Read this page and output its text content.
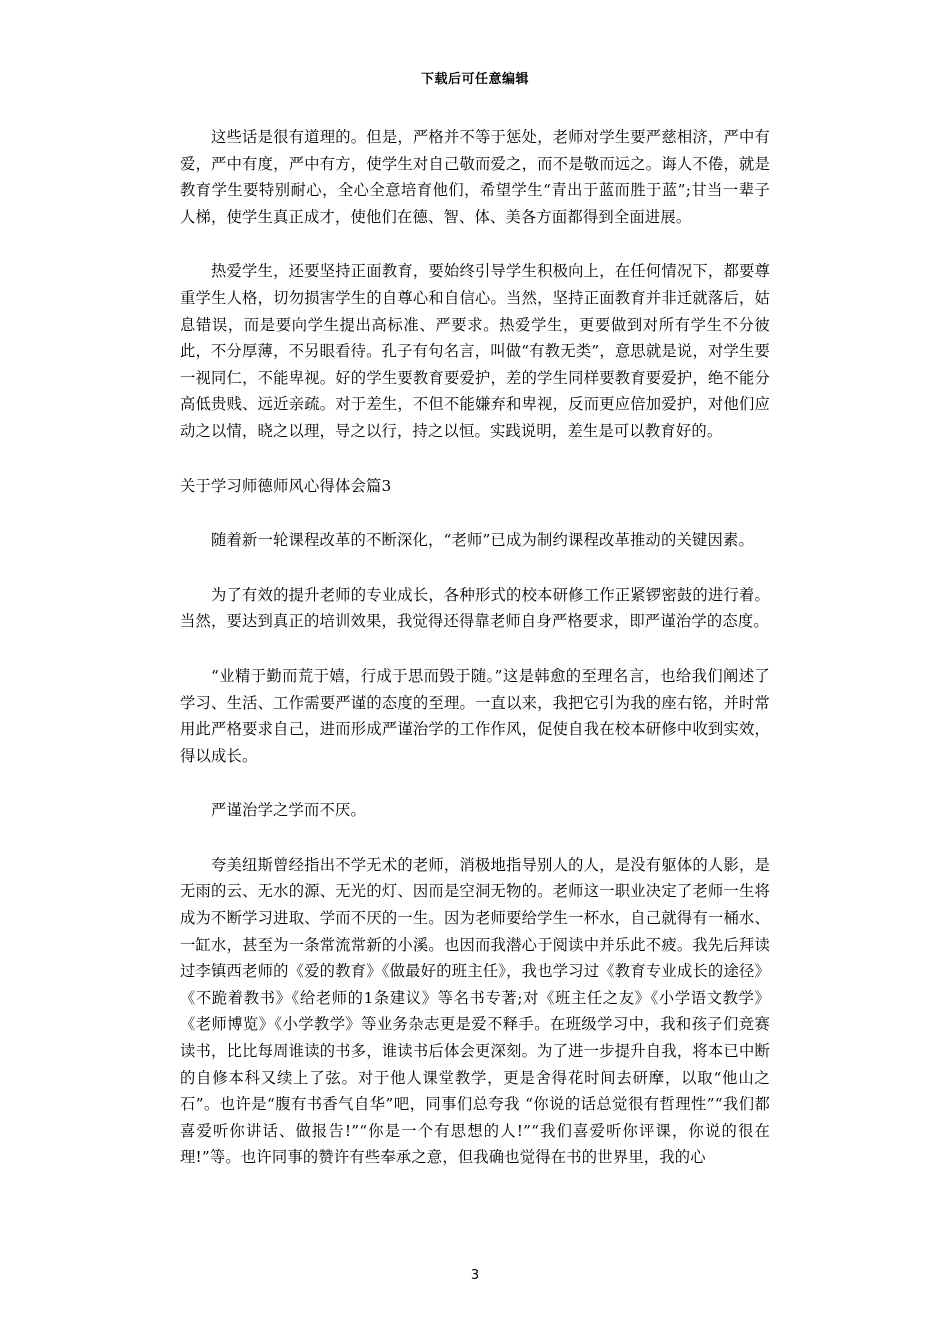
下载后可任意编辑

这些话是很有道理的。但是，严格并不等于惩处，老师对学生要严慈相济，严中有爱，严中有度，严中有方，使学生对自己敬而爱之，而不是敬而远之。诲人不倦，就是教育学生要特别耐心，全心全意培育他们，希望学生“青出于蓝而胜于蓝”;甘当一辈子人梯，使学生真正成才，使他们在德、智、体、美各方面都得到全面进展。

热爱学生，还要坚持正面教育，要始终引导学生积极向上，在任何情况下，都要尊重学生人格，切勿损害学生的自尊心和自信心。当然，坚持正面教育并非迁就落后，姑息错误，而是要向学生提出高标准、严要求。热爱学生，更要做到对所有学生不分彼此，不分厚薄，不另眼看待。孔子有句名言，叫做“有教无类”，意思就是说，对学生要一视同仁，不能卑视。好的学生要教育要爱护，差的学生同样要教育要爱护，绝不能分高低贵贱、远近亲疏。对于差生，不但不能嫌弃和卑视，反而更应倍加爱护，对他们应动之以情，晓之以理，导之以行，持之以恒。实践说明，差生是可以教育好的。

关于学习师德师风心得体会篇3

随着新一轮课程改革的不断深化，“老师”已成为制约课程改革推动的关键因素。

为了有效的提升老师的专业成长，各种形式的校本研修工作正紧锣密鼓的进行着。当然，要达到真正的培训效果，我觉得还得靠老师自身严格要求，即严谨治学的态度。

“业精于勤而荒于嬉，行成于思而毁于随。”这是韩愈的至理名言，也给我们阐述了学习、生活、工作需要严谨的态度的至理。一直以来，我把它引为我的座右铭，并时常用此严格要求自己，进而形成严谨治学的工作作风，促使自我在校本研修中收到实效，得以成长。

严谨治学之学而不厌。

夸美纽斯曾经指出不学无术的老师，消极地指导别人的人，是没有躯体的人影，是无雨的云、无水的源、无光的灯、因而是空洞无物的。老师这一职业决定了老师一生将成为不断学习进取、学而不厌的一生。因为老师要给学生一杯水，自己就得有一桶水、一缸水，甚至为一条常流常新的小溪。也因而我潜心于阅读中并乐此不疲。我先后拜读过李镇西老师的《爱的教育》《做最好的班主任》，我也学习过《教育专业成长的途径》《不跪着教书》《给老师的1条建议》等名书专著;对《班主任之友》《小学语文教学》《老师博览》《小学教学》等业务杂志更是爱不释手。在班级学习中，我和孩子们竞赛读书，比比每周谁读的书多，谁读书后体会更深刻。为了进一步提升自我，将本已中断的自修本科又续上了弦。对于他人课堂教学，更是舍得花时间去研摩，以取“他山之石”。也许是“腹有书香气自华”吧，同事们总夸我 “你说的话总觉很有哲理性”“我们都喜爱听你讲话、做报告!”“你是一个有思想的人!”“我们喜爱听你评课，你说的很在理!”等。也许同事的赞许有些奉承之意，但我确也觉得在书的世界里，我的心

3
